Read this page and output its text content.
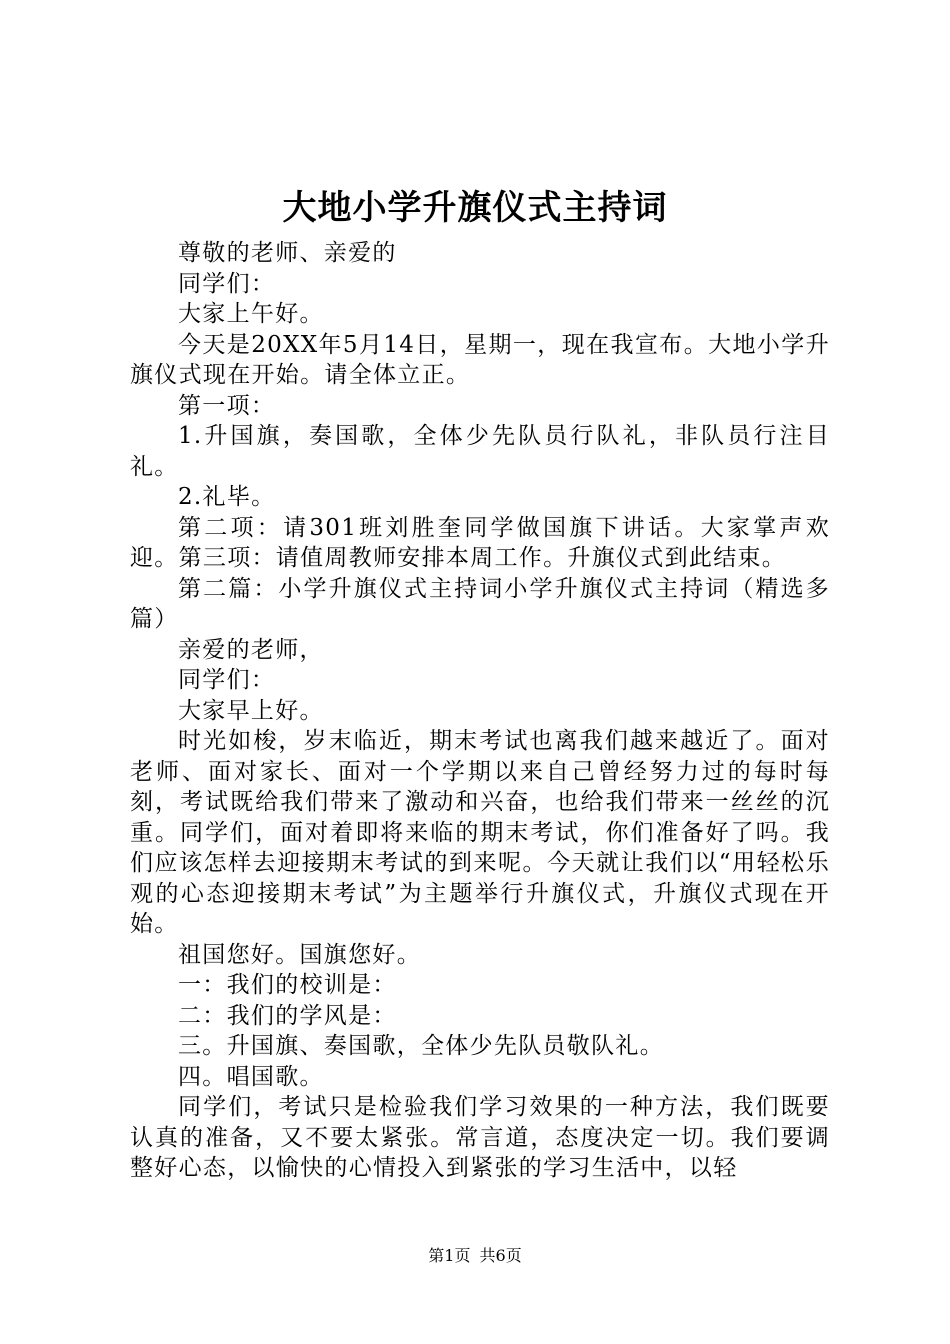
大地小学升旗仪式主持词

尊敬的老师、亲爱的

同学们：

大家上午好。

今天是20XX年5月14日，星期一，现在我宣布。大地小学升旗仪式现在开始。请全体立正。

第一项：

1.升国旗，奏国歌，全体少先队员行队礼，非队员行注目礼。

2.礼毕。

第二项：请301班刘胜奎同学做国旗下讲话。大家掌声欢迎。第三项：请值周教师安排本周工作。升旗仪式到此结束。

第二篇：小学升旗仪式主持词小学升旗仪式主持词（精选多篇）

亲爱的老师，

同学们：

大家早上好。

时光如梭，岁末临近，期末考试也离我们越来越近了。面对老师、面对家长、面对一个学期以来自己曾经努力过的每时每刻，考试既给我们带来了激动和兴奋，也给我们带来一丝丝的沉重。同学们，面对着即将来临的期末考试，你们准备好了吗。我们应该怎样去迎接期末考试的到来呢。今天就让我们以“用轻松乐观的心态迎接期末考试”为主题举行升旗仪式，升旗仪式现在开始。

祖国您好。国旗您好。

一：我们的校训是：

二：我们的学风是：

三。升国旗、奏国歌，全体少先队员敬队礼。

四。唱国歌。

同学们，考试只是检验我们学习效果的一种方法，我们既要认真的准备，又不要太紧张。常言道，态度决定一切。我们要调整好心态，以愉快的心情投入到紧张的学习生活中，以轻

第1页 共6页
